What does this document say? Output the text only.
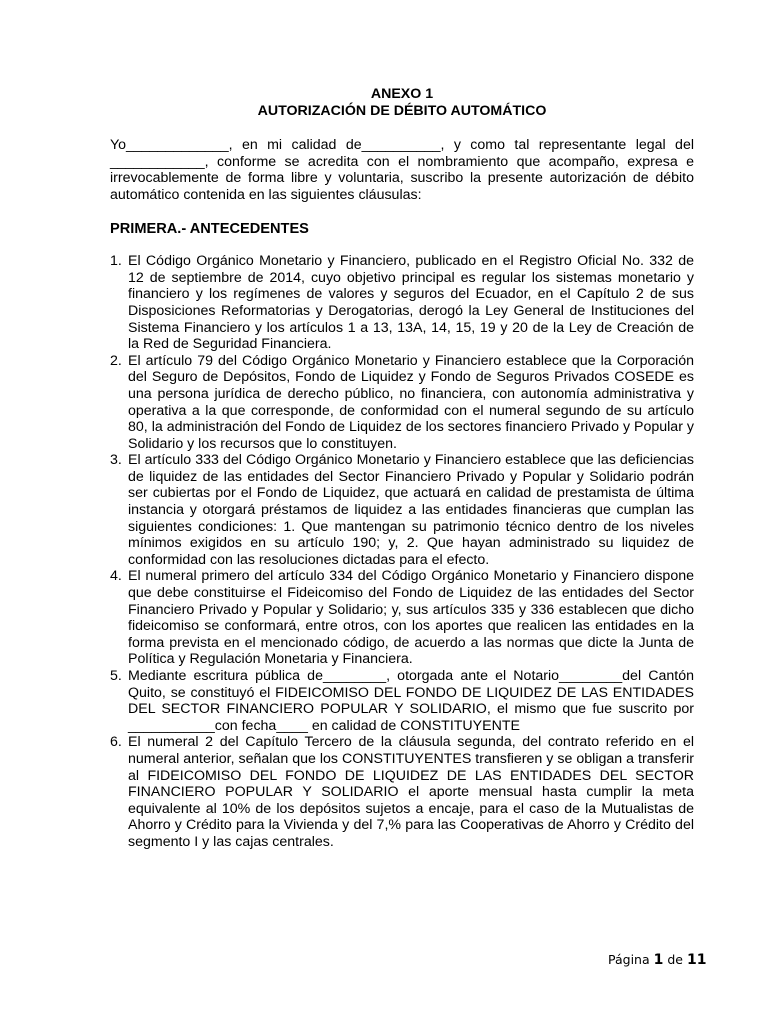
ANEXO 1

AUTORIZACIÓN DE DÉBITO AUTOMÁTICO

Yo_____________, en mi calidad de__________, y como tal representante legal del ____________, conforme se acredita con el nombramiento que acompaño, expresa e irrevocablemente de forma libre y voluntaria, suscribo la presente autorización de débito automático contenida en las siguientes cláusulas:

PRIMERA.- ANTECEDENTES

1. El Código Orgánico Monetario y Financiero, publicado en el Registro Oficial No. 332 de 12 de septiembre de 2014, cuyo objetivo principal es regular los sistemas monetario y financiero y los regímenes de valores y seguros del Ecuador, en el Capítulo 2 de sus Disposiciones Reformatorias y Derogatorias, derogó la Ley General de Instituciones del Sistema Financiero y los artículos 1 a 13, 13A, 14, 15, 19 y 20 de la Ley de Creación de la Red de Seguridad Financiera.
2. El artículo 79 del Código Orgánico Monetario y Financiero establece que la Corporación del Seguro de Depósitos, Fondo de Liquidez y Fondo de Seguros Privados COSEDE es una persona jurídica de derecho público, no financiera, con autonomía administrativa y operativa a la que corresponde, de conformidad con el numeral segundo de su artículo 80, la administración del Fondo de Liquidez de los sectores financiero Privado y Popular y Solidario y los recursos que lo constituyen.
3. El artículo 333 del Código Orgánico Monetario y Financiero establece que las deficiencias de liquidez de las entidades del Sector Financiero Privado y Popular y Solidario podrán ser cubiertas por el Fondo de Liquidez, que actuará en calidad de prestamista de última instancia y otorgará préstamos de liquidez a las entidades financieras que cumplan las siguientes condiciones: 1. Que mantengan su patrimonio técnico dentro de los niveles mínimos exigidos en su artículo 190; y, 2. Que hayan administrado su liquidez de conformidad con las resoluciones dictadas para el efecto.
4. El numeral primero del artículo 334 del Código Orgánico Monetario y Financiero dispone que debe constituirse el Fideicomiso del Fondo de Liquidez de las entidades del Sector Financiero Privado y Popular y Solidario; y, sus artículos 335 y 336 establecen que dicho fideicomiso se conformará, entre otros, con los aportes que realicen las entidades en la forma prevista en el mencionado código, de acuerdo a las normas que dicte la Junta de Política y Regulación Monetaria y Financiera.
5. Mediante escritura pública de________, otorgada ante el Notario________del Cantón Quito, se constituyó el FIDEICOMISO DEL FONDO DE LIQUIDEZ DE LAS ENTIDADES DEL SECTOR FINANCIERO POPULAR Y SOLIDARIO, el mismo que fue suscrito por ___________con fecha____ en calidad de CONSTITUYENTE
6. El numeral 2 del Capítulo Tercero de la cláusula segunda, del contrato referido en el numeral anterior, señalan que los CONSTITUYENTES transfieren y se obligan a transferir al FIDEICOMISO DEL FONDO DE LIQUIDEZ DE LAS ENTIDADES DEL SECTOR FINANCIERO POPULAR Y SOLIDARIO el aporte mensual hasta cumplir la meta equivalente al 10% de los depósitos sujetos a encaje, para el caso de la Mutualistas de Ahorro y Crédito para la Vivienda y del 7,% para las Cooperativas de Ahorro y Crédito del segmento I y las cajas centrales.
Página 1 de 11
